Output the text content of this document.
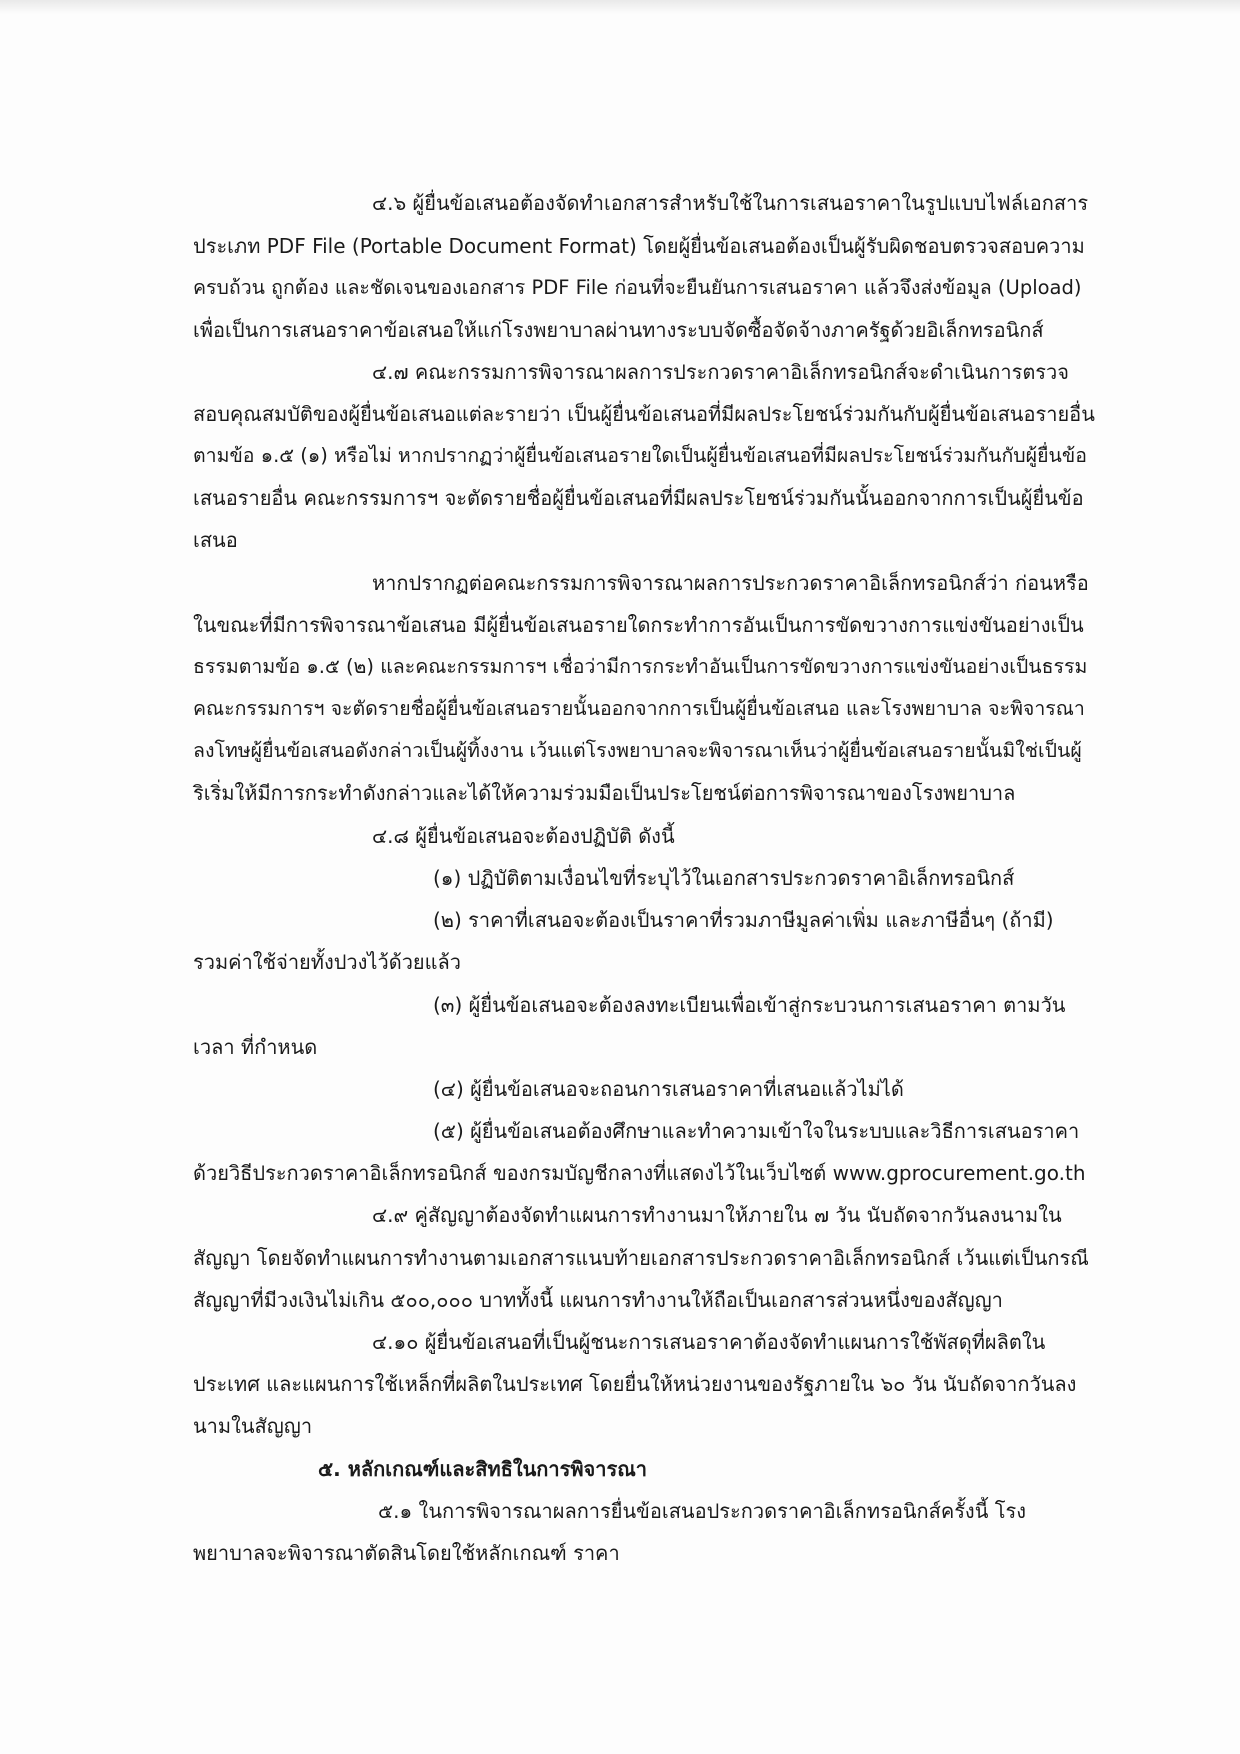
๔.๖ ผู้ยื่นข้อเสนอต้องจัดทำเอกสารสำหรับใช้ในการเสนอราคาในรูปแบบไฟล์เอกสาร
ประเภท PDF File (Portable Document Format) โดยผู้ยื่นข้อเสนอต้องเป็นผู้รับผิดชอบตรวจสอบความ
ครบถ้วน ถูกต้อง และชัดเจนของเอกสาร PDF File ก่อนที่จะยืนยันการเสนอราคา แล้วจึงส่งข้อมูล (Upload)
เพื่อเป็นการเสนอราคาข้อเสนอให้แก่โรงพยาบาลผ่านทางระบบจัดซื้อจัดจ้างภาครัฐด้วยอิเล็กทรอนิกส์
๔.๗ คณะกรรมการพิจารณาผลการประกวดราคาอิเล็กทรอนิกส์จะดำเนินการตรวจ
สอบคุณสมบัติของผู้ยื่นข้อเสนอแต่ละรายว่า เป็นผู้ยื่นข้อเสนอที่มีผลประโยชน์ร่วมกันกับผู้ยื่นข้อเสนอรายอื่น
ตามข้อ ๑.๕ (๑) หรือไม่ หากปรากฏว่าผู้ยื่นข้อเสนอรายใดเป็นผู้ยื่นข้อเสนอที่มีผลประโยชน์ร่วมกันกับผู้ยื่นข้อ
เสนอรายอื่น คณะกรรมการฯ จะตัดรายชื่อผู้ยื่นข้อเสนอที่มีผลประโยชน์ร่วมกันนั้นออกจากการเป็นผู้ยื่นข้อ
เสนอ
หากปรากฏต่อคณะกรรมการพิจารณาผลการประกวดราคาอิเล็กทรอนิกส์ว่า ก่อนหรือ
ในขณะที่มีการพิจารณาข้อเสนอ มีผู้ยื่นข้อเสนอรายใดกระทำการอันเป็นการขัดขวางการแข่งขันอย่างเป็น
ธรรมตามข้อ ๑.๕ (๒) และคณะกรรมการฯ เชื่อว่ามีการกระทำอันเป็นการขัดขวางการแข่งขันอย่างเป็นธรรม
คณะกรรมการฯ จะตัดรายชื่อผู้ยื่นข้อเสนอรายนั้นออกจากการเป็นผู้ยื่นข้อเสนอ และโรงพยาบาล จะพิจารณา
ลงโทษผู้ยื่นข้อเสนอดังกล่าวเป็นผู้ทิ้งงาน เว้นแต่โรงพยาบาลจะพิจารณาเห็นว่าผู้ยื่นข้อเสนอรายนั้นมิใช่เป็นผู้
ริเริ่มให้มีการกระทำดังกล่าวและได้ให้ความร่วมมือเป็นประโยชน์ต่อการพิจารณาของโรงพยาบาล
๔.๘ ผู้ยื่นข้อเสนอจะต้องปฏิบัติ ดังนี้
(๑) ปฏิบัติตามเงื่อนไขที่ระบุไว้ในเอกสารประกวดราคาอิเล็กทรอนิกส์
(๒) ราคาที่เสนอจะต้องเป็นราคาที่รวมภาษีมูลค่าเพิ่ม และภาษีอื่นๆ (ถ้ามี)
รวมค่าใช้จ่ายทั้งปวงไว้ด้วยแล้ว
(๓) ผู้ยื่นข้อเสนอจะต้องลงทะเบียนเพื่อเข้าสู่กระบวนการเสนอราคา ตามวัน
เวลา ที่กำหนด
(๔) ผู้ยื่นข้อเสนอจะถอนการเสนอราคาที่เสนอแล้วไม่ได้
(๕) ผู้ยื่นข้อเสนอต้องศึกษาและทำความเข้าใจในระบบและวิธีการเสนอราคา
ด้วยวิธีประกวดราคาอิเล็กทรอนิกส์ ของกรมบัญชีกลางที่แสดงไว้ในเว็บไซต์ www.gprocurement.go.th
๔.๙ คู่สัญญาต้องจัดทำแผนการทำงานมาให้ภายใน ๗ วัน นับถัดจากวันลงนามใน
สัญญา โดยจัดทำแผนการทำงานตามเอกสารแนบท้ายเอกสารประกวดราคาอิเล็กทรอนิกส์ เว้นแต่เป็นกรณี
สัญญาที่มีวงเงินไม่เกิน ๕๐๐,๐๐๐ บาททั้งนี้ แผนการทำงานให้ถือเป็นเอกสารส่วนหนึ่งของสัญญา
๔.๑๐ ผู้ยื่นข้อเสนอที่เป็นผู้ชนะการเสนอราคาต้องจัดทำแผนการใช้พัสดุที่ผลิตใน
ประเทศ และแผนการใช้เหล็กที่ผลิตในประเทศ โดยยื่นให้หน่วยงานของรัฐภายใน ๖๐ วัน นับถัดจากวันลง
นามในสัญญา
๕. หลักเกณฑ์และสิทธิในการพิจารณา
๕.๑ ในการพิจารณาผลการยื่นข้อเสนอประกวดราคาอิเล็กทรอนิกส์ครั้งนี้ โรง
พยาบาลจะพิจารณาตัดสินโดยใช้หลักเกณฑ์ ราคา
